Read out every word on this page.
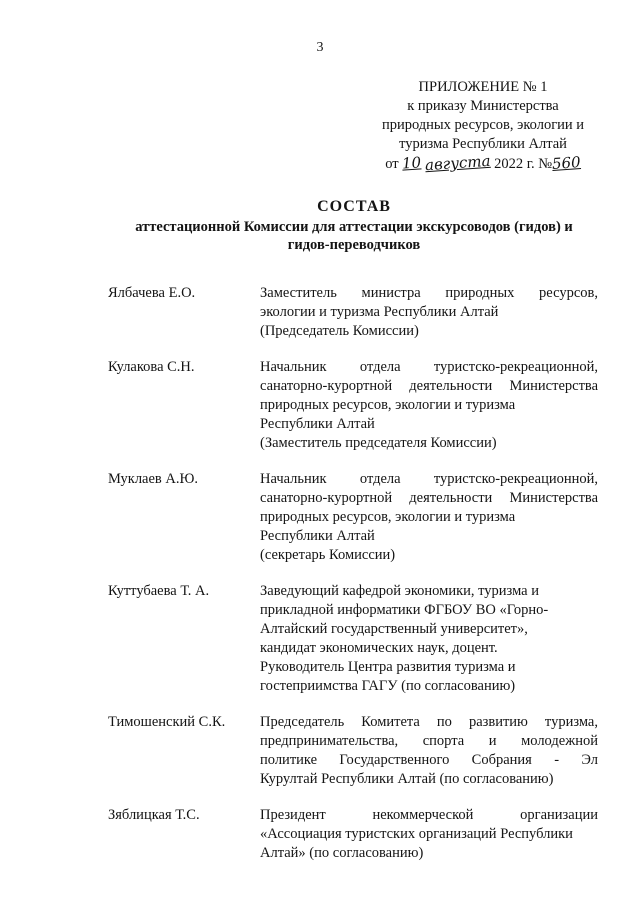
3
ПРИЛОЖЕНИЕ № 1
к приказу Министерства
природных ресурсов, экологии и
туризма Республики Алтай
от 10 августа 2022 г. №560
СОСТАВ
аттестационной Комиссии для аттестации экскурсоводов (гидов) и
гидов-переводчиков
Ялбачева Е.О.	Заместитель министра природных ресурсов,
экологии и туризма Республики Алтай
(Председатель Комиссии)
Кулакова С.Н.	Начальник отдела туристско-рекреационной,
санаторно-курортной деятельности Министерства
природных ресурсов, экологии и туризма
Республики Алтай
(Заместитель председателя Комиссии)
Муклаев А.Ю.	Начальник отдела туристско-рекреационной,
санаторно-курортной деятельности Министерства
природных ресурсов, экологии и туризма
Республики Алтай
(секретарь Комиссии)
Куттубаева Т. А.	Заведующий кафедрой экономики, туризма и
прикладной информатики ФГБОУ ВО «Горно-
Алтайский государственный университет»,
кандидат экономических наук, доцент.
Руководитель Центра развития туризма и
гостеприимства ГАГУ (по согласованию)
Тимошенский С.К.	Председатель Комитета по развитию туризма,
предпринимательства, спорта и молодежной
политике Государственного Собрания - Эл
Курултай Республики Алтай (по согласованию)
Зяблицкая Т.С.	Президент некоммерческой организации
«Ассоциация туристских организаций Республики
Алтай» (по согласованию)
